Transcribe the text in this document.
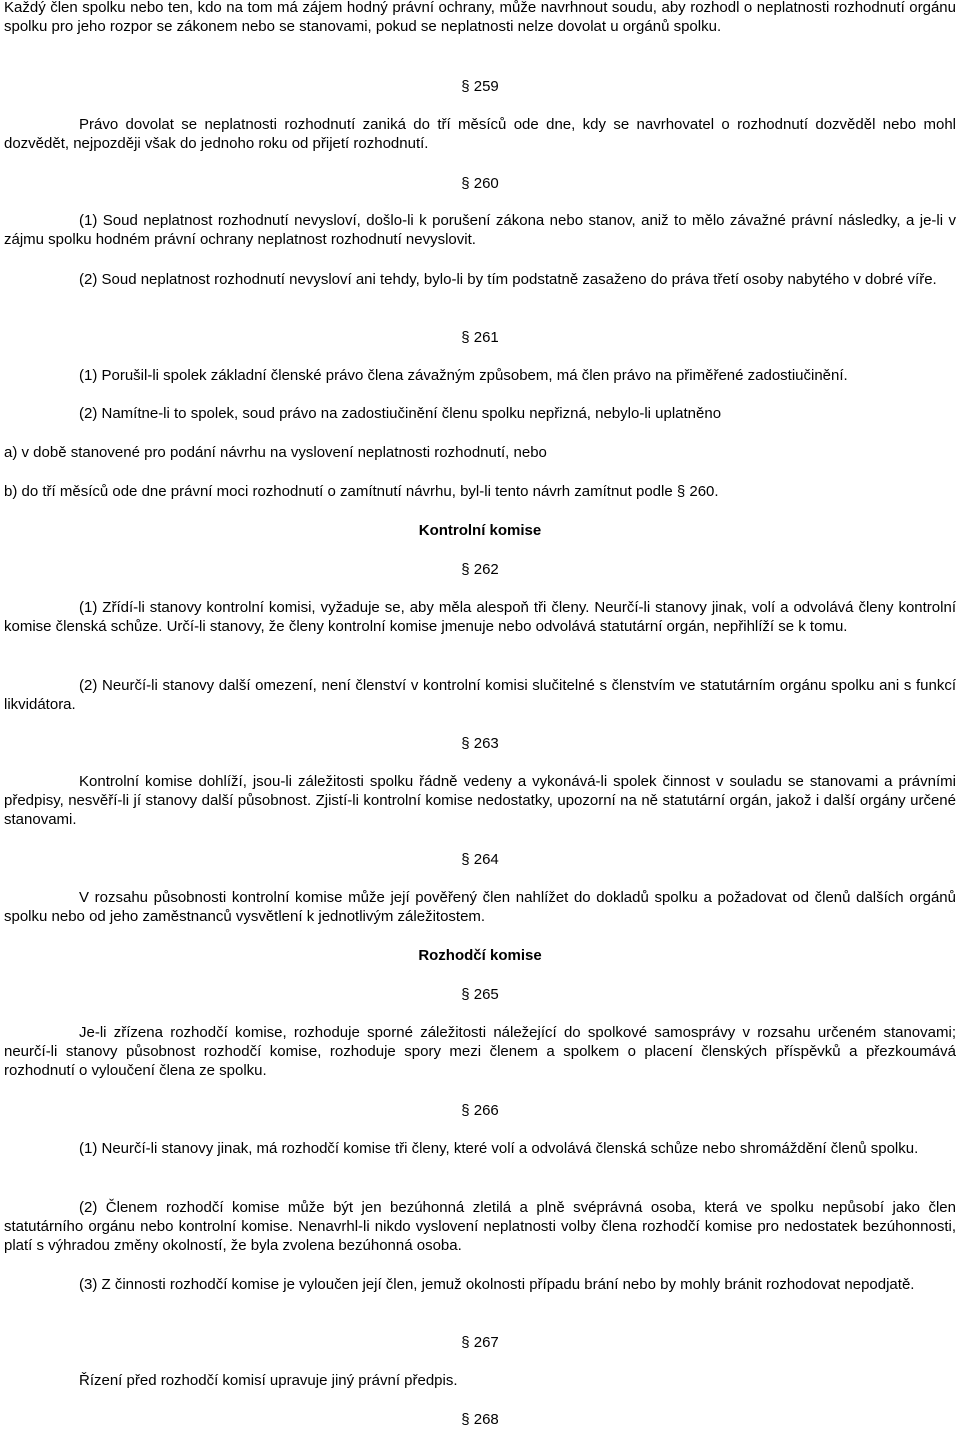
Každý člen spolku nebo ten, kdo na tom má zájem hodný právní ochrany, může navrhnout soudu, aby rozhodl o neplatnosti rozhodnutí orgánu spolku pro jeho rozpor se zákonem nebo se stanovami, pokud se neplatnosti nelze dovolat u orgánů spolku.

§ 259

Právo dovolat se neplatnosti rozhodnutí zaniká do tří měsíců ode dne, kdy se navrhovatel o rozhodnutí dozvěděl nebo mohl dozvědět, nejpozději však do jednoho roku od přijetí rozhodnutí.

§ 260

(1) Soud neplatnost rozhodnutí nevysloví, došlo-li k porušení zákona nebo stanov, aniž to mělo závažné právní následky, a je-li v zájmu spolku hodném právní ochrany neplatnost rozhodnutí nevyslovit.

(2) Soud neplatnost rozhodnutí nevysloví ani tehdy, bylo-li by tím podstatně zasaženo do práva třetí osoby nabytého v dobré víře.

§ 261

(1) Porušil-li spolek základní členské právo člena závažným způsobem, má člen právo na přiměřené zadostiučinění.

(2) Namítne-li to spolek, soud právo na zadostiučinění členu spolku nepřizná, nebylo-li uplatněno

a) v době stanovené pro podání návrhu na vyslovení neplatnosti rozhodnutí, nebo

b) do tří měsíců ode dne právní moci rozhodnutí o zamítnutí návrhu, byl-li tento návrh zamítnut podle § 260.

Kontrolní komise

§ 262

(1) Zřídí-li stanovy kontrolní komisi, vyžaduje se, aby měla alespoň tři členy. Neurčí-li stanovy jinak, volí a odvolává členy kontrolní komise členská schůze. Určí-li stanovy, že členy kontrolní komise jmenuje nebo odvolává statutární orgán, nepřihlíží se k tomu.

(2) Neurčí-li stanovy další omezení, není členství v kontrolní komisi slučitelné s členstvím ve statutárním orgánu spolku ani s funkcí likvidátora.

§ 263

Kontrolní komise dohlíží, jsou-li záležitosti spolku řádně vedeny a vykonává-li spolek činnost v souladu se stanovami a právními předpisy, nesvěří-li jí stanovy další působnost. Zjistí-li kontrolní komise nedostatky, upozorní na ně statutární orgán, jakož i další orgány určené stanovami.

§ 264

V rozsahu působnosti kontrolní komise může její pověřený člen nahlížet do dokladů spolku a požadovat od členů dalších orgánů spolku nebo od jeho zaměstnanců vysvětlení k jednotlivým záležitostem.

Rozhodčí komise

§ 265

Je-li zřízena rozhodčí komise, rozhoduje sporné záležitosti náležející do spolkové samosprávy v rozsahu určeném stanovami; neurčí-li stanovy působnost rozhodčí komise, rozhoduje spory mezi členem a spolkem o placení členských příspěvků a přezkoumává rozhodnutí o vyloučení člena ze spolku.

§ 266

(1) Neurčí-li stanovy jinak, má rozhodčí komise tři členy, které volí a odvolává členská schůze nebo shromáždění členů spolku.

(2) Členem rozhodčí komise může být jen bezúhonná zletilá a plně svéprávná osoba, která ve spolku nepůsobí jako člen statutárního orgánu nebo kontrolní komise. Nenavrhl-li nikdo vyslovení neplatnosti volby člena rozhodčí komise pro nedostatek bezúhonnosti, platí s výhradou změny okolností, že byla zvolena bezúhonná osoba.

(3) Z činnosti rozhodčí komise je vyloučen její člen, jemuž okolnosti případu brání nebo by mohly bránit rozhodovat nepodjatě.

§ 267

Řízení před rozhodčí komisí upravuje jiný právní předpis.

§ 268
